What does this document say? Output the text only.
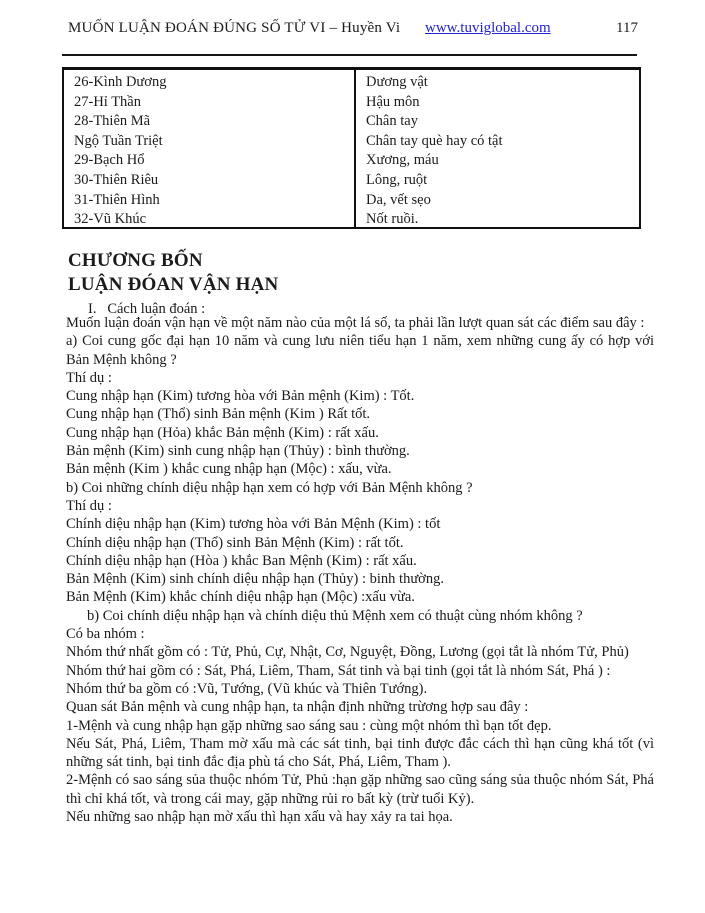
MUỐN LUẬN ĐOÁN ĐÚNG SỐ TỬ VI – Huyền Vi www.tuviglobal.com	117
26-Kình Dương	Dương vật
27-Hỉ Thần	Hậu môn
28-Thiên Mã	Chân tay
Ngộ Tuần Triệt	Chân tay què hay có tật
29-Bạch Hổ	Xương, máu
30-Thiên Riêu	Lông, ruột
31-Thiên Hình	Da, vết sẹo
32-Vũ Khúc	Nốt ruồi.
CHƯƠNG BỐN
LUẬN ĐÓAN VẬN HẠN
I.   Cách luận đoán :

Muốn luận đoán vận hạn về một năm nào của một lá số, ta phải lần lượt quan sát các điểm sau đây :

a) Coi cung gốc đại hạn 10 năm và cung lưu niên tiểu hạn 1 năm, xem những cung ấy có hợp với Bản Mệnh không ?

Thí dụ :

Cung nhập hạn (Kim) tương hòa với Bản mệnh (Kim) : Tốt.

Cung nhập hạn (Thổ) sinh Bản mệnh (Kim ) Rất tốt.

Cung nhập hạn (Hỏa) khắc Bản mệnh (Kim) : rất xấu.

Bản mệnh (Kim) sinh cung nhập hạn (Thủy) : bình thường.

Bản mệnh (Kim ) khắc cung nhập hạn (Mộc) : xấu, vừa.

b) Coi những chính diệu nhập hạn xem có hợp với Bản Mệnh không ?

Thí dụ :

Chính diệu nhập hạn (Kim) tương hòa với Bản Mệnh (Kim) : tốt

Chính diệu nhập hạn (Thổ) sinh Bản Mệnh (Kim) : rất tốt.

Chính diệu nhập hạn (Hòa ) khắc Ban Mệnh (Kim) : rất xấu.

Bản Mệnh (Kim) sinh chính diệu nhập hạn (Thủy) : binh thường.

Bản Mệnh (Kim) khắc chính diệu nhập hạn (Mộc) :xấu vừa.

b) Coi chính diệu nhập hạn và chính diệu thủ Mệnh xem có thuật cùng nhóm không ?

Có ba nhóm :

Nhóm thứ nhất gồm có : Tử, Phủ, Cự, Nhật, Cơ, Nguyệt, Đồng, Lương (gọi tắt là nhóm Tử, Phủ)

Nhóm thứ hai gồm có : Sát, Phá, Liêm, Tham, Sát tinh và bại tinh (gọi tắt là nhóm Sát, Phá ) :

Nhóm thứ ba gồm có :Vũ, Tướng, (Vũ khúc và Thiên Tướng).

Quan sát Bản mệnh và cung nhập hạn, ta nhận định những trừơng hợp sau đây :

1-Mệnh và cung nhập hạn gặp những sao sáng sau : cùng một nhóm thì bạn tốt đẹp.

Nếu Sát, Phá, Liêm, Tham mờ xấu mà các sát tinh, bại tinh được đắc cách thì hạn cũng khá tốt (vì những sát tinh, bại tinh đắc địa phù tá cho Sát, Phá, Liêm, Tham ).

2-Mệnh có sao sáng sủa thuộc nhóm Tử, Phủ :hạn gặp những sao cũng sáng sủa thuộc nhóm Sát, Phá thì chỉ khá tốt, và trong cái may, gặp những rủi ro bất kỳ (trừ tuổi Kỷ).

Nếu những sao nhập hạn mờ xấu thì hạn xấu và hay xảy ra tai họa.
